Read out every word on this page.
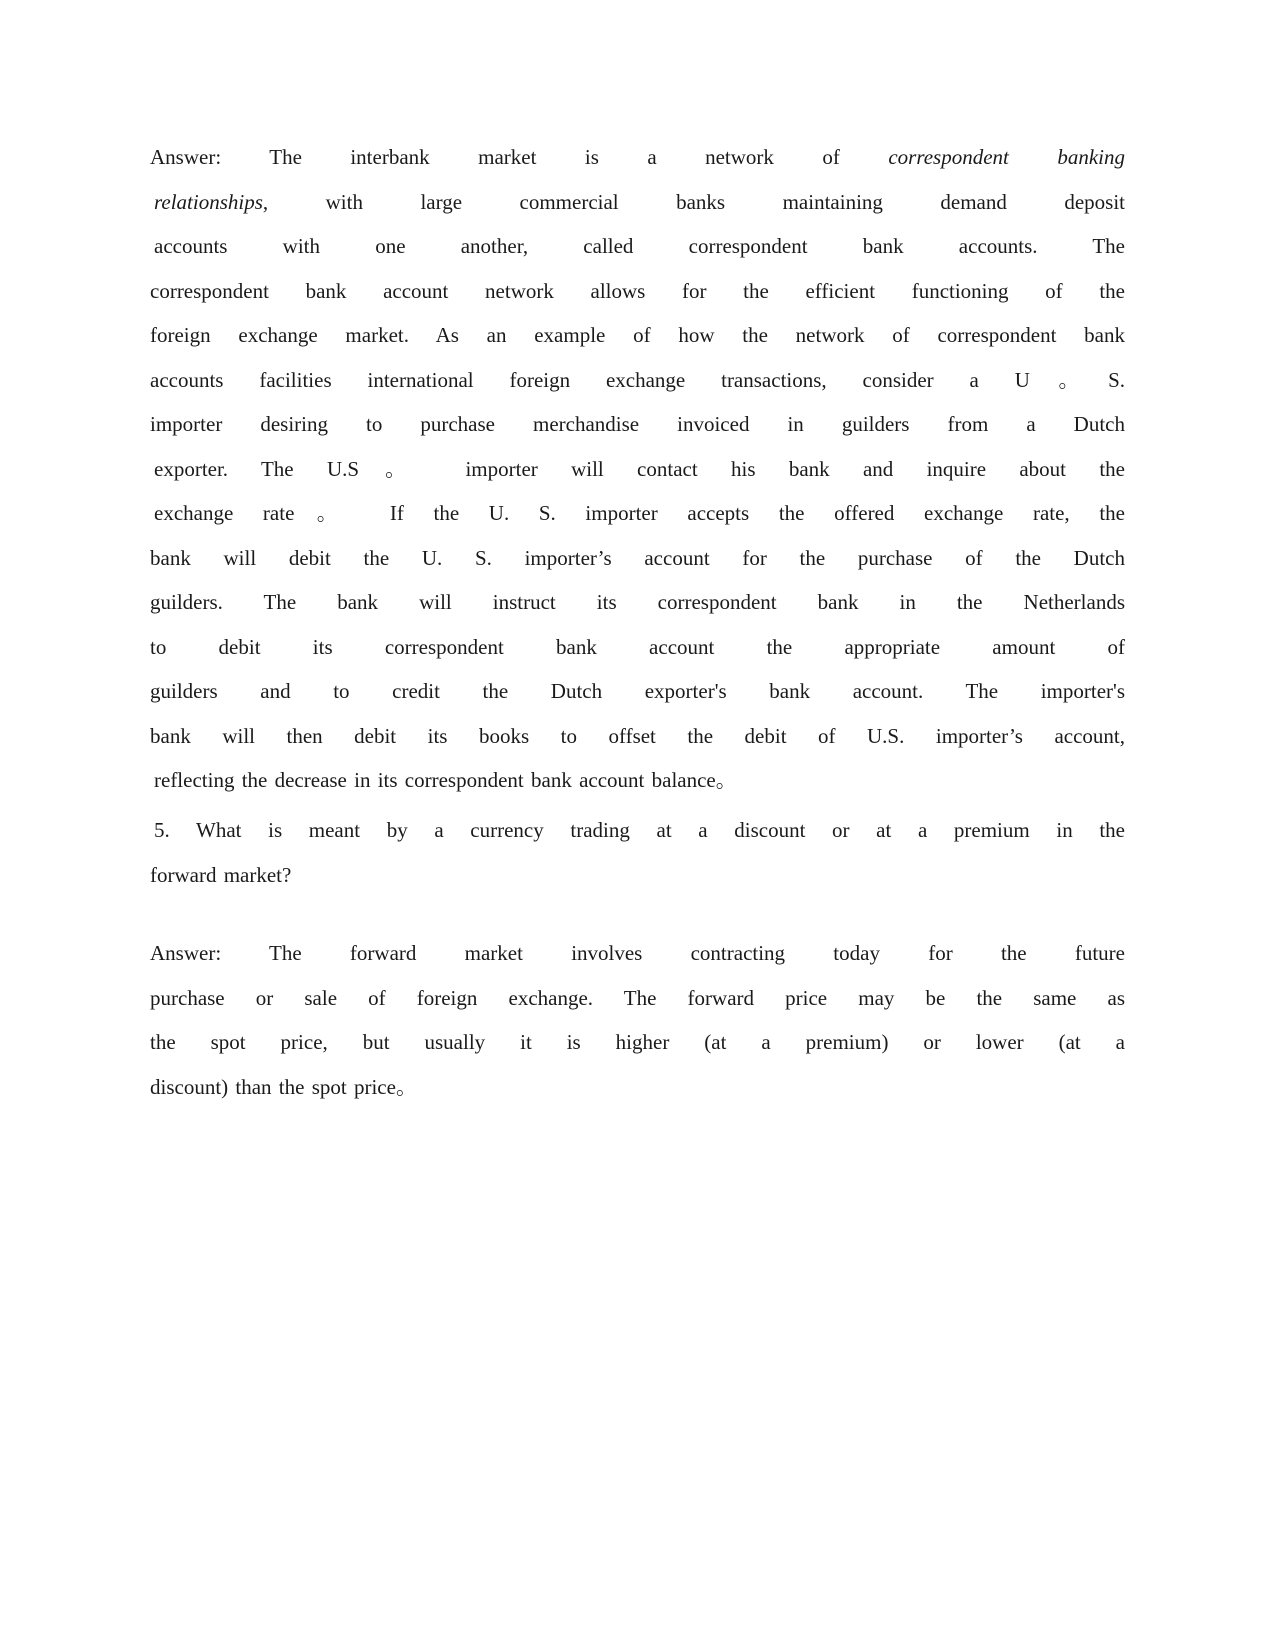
Answer: The interbank market is a network of correspondent banking
relationships, with large commercial banks maintaining demand deposit
accounts with one another, called correspondent bank accounts. The
correspondent bank account network allows for the efficient functioning of the
foreign exchange market. As an example of how the network of correspondent bank
accounts facilities international foreign exchange transactions, consider a U。S.
importer desiring to purchase merchandise invoiced in guilders from a Dutch
exporter. The U.S。 importer will contact his bank and inquire about the
exchange rate。 If the U. S. importer accepts the offered exchange rate, the
bank will debit the U. S. importer’s account for the purchase of the Dutch
guilders. The bank will instruct its correspondent bank in the Netherlands
to debit its correspondent bank account the appropriate amount of
guilders and to credit the Dutch exporter's bank account. The importer's
bank will then debit its books to offset the debit of U.S. importer’s account,
reflecting the decrease in its correspondent bank account balance。
5. What is meant by a currency trading at a discount or at a premium in the
forward market?
Answer: The forward market involves contracting today for the future
purchase or sale of foreign exchange. The forward price may be the same as
the spot price, but usually it is higher (at a premium) or lower (at a
discount) than the spot price。
